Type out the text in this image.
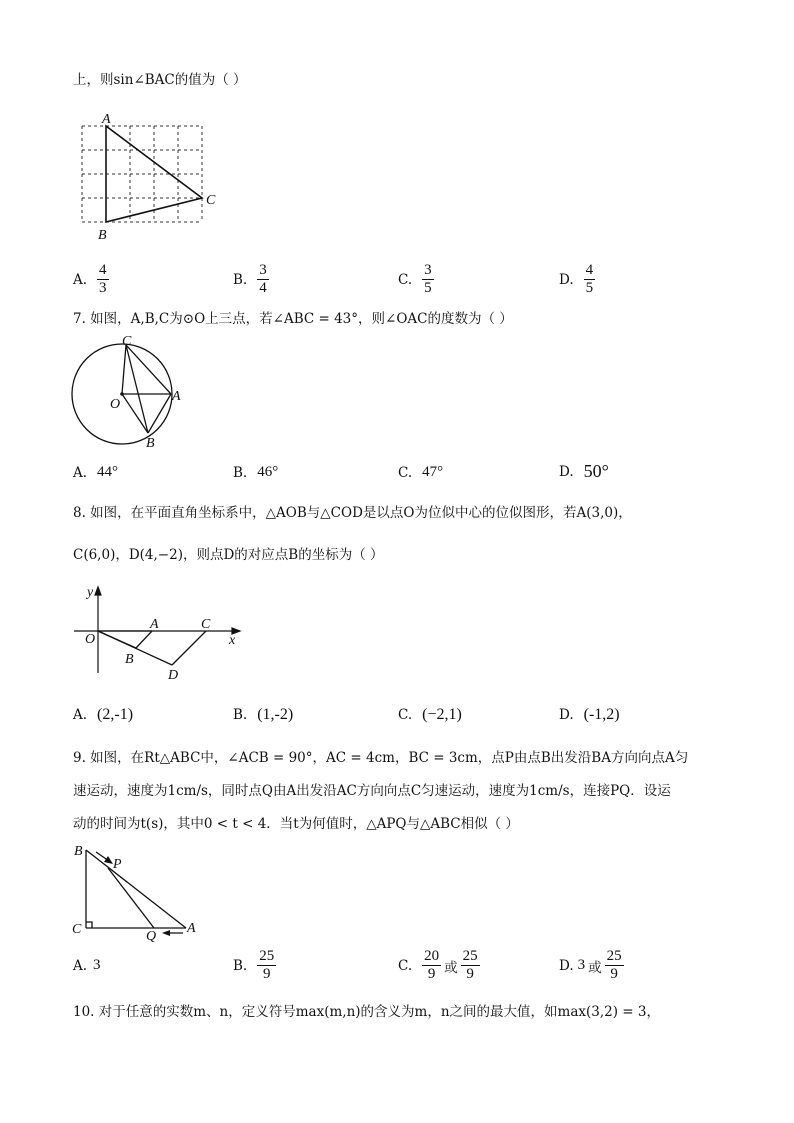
上，则sin∠BAC的值为（ ）
A
B
C
A. $\frac{4}{3}$	B. $\frac{3}{4}$	C. $\frac{3}{5}$	D. $\frac{4}{5}$
7. 如图，A,B,C为⊙O上三点，若∠ABC = 43°，则∠OAC的度数为（ ）
C
O
A
B
A. 44°	B. 46°	C. 47°	D. 50°
8. 如图，在平面直角坐标系中，△AOB与△COD是以点O为位似中心的位似图形，若A(3,0)，
C(6,0)，D(4,−2)，则点D的对应点B的坐标为（ ）
y
x
O
A	C
B
D
A. (2,-1)	B. (1,-2)	C. (−2,1)	D. (-1,2)
9. 如图，在Rt△ABC中，∠ACB = 90°，AC = 4cm，BC = 3cm，点P由点B出发沿BA方向向点A匀
速运动，速度为1cm/s，同时点Q由A出发沿AC方向向点C匀速运动，速度为1cm/s，连接PQ．设运
动的时间为t(s)，其中0 < t < 4．当t为何值时，△APQ与△ABC相似（ ）
B
P
C	Q
A
A. 3	B. $\frac{25}{9}$	C. $\frac{20}{9}$ 或 $\frac{25}{9}$	D. 3 或 $\frac{25}{9}$
10. 对于任意的实数m、n，定义符号max(m,n)的含义为m，n之间的最大值，如max(3,2) = 3，
